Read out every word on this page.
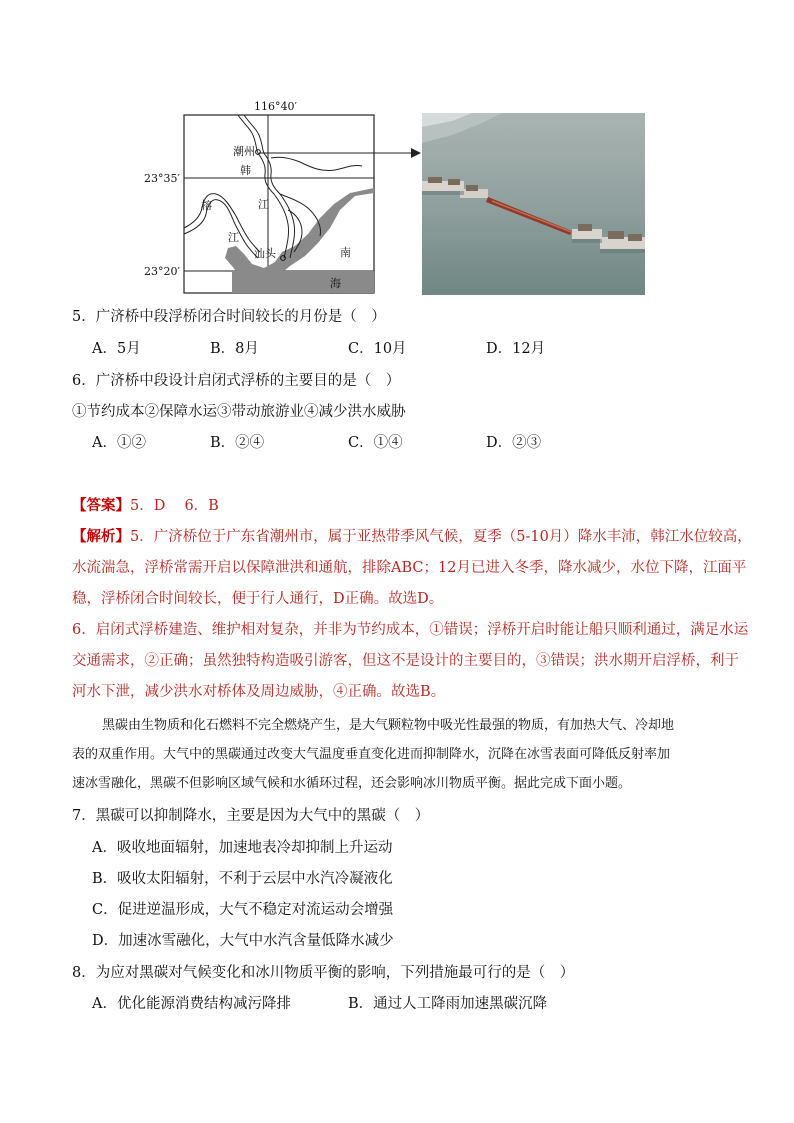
116°40′
23°35′
23°20′
潮州
韩
江
榕
江
汕头	南
海
5．广济桥中段浮桥闭合时间较长的月份是（　）
A．5月	B．8月	C．10月	D．12月
6．广济桥中段设计启闭式浮桥的主要目的是（　）
①节约成本②保障水运③带动旅游业④减少洪水威胁
A．①②	B．②④	C．①④	D．②③
【答案】5．D　 6．B
【解析】5．广济桥位于广东省潮州市，属于亚热带季风气候，夏季（5-10月）降水丰沛，韩江水位较高，
水流湍急，浮桥常需开启以保障泄洪和通航，排除ABC；12月已进入冬季，降水减少，水位下降，江面平
稳，浮桥闭合时间较长，便于行人通行，D正确。故选D。
6．启闭式浮桥建造、维护相对复杂，并非为节约成本，①错误；浮桥开启时能让船只顺利通过，满足水运
交通需求，②正确；虽然独特构造吸引游客，但这不是设计的主要目的，③错误；洪水期开启浮桥，利于
河水下泄，减少洪水对桥体及周边威胁，④正确。故选B。
黑碳由生物质和化石燃料不完全燃烧产生，是大气颗粒物中吸光性最强的物质，有加热大气、冷却地
表的双重作用。大气中的黑碳通过改变大气温度垂直变化进而抑制降水，沉降在冰雪表面可降低反射率加
速冰雪融化，黑碳不但影响区域气候和水循环过程，还会影响冰川物质平衡。据此完成下面小题。
7．黑碳可以抑制降水，主要是因为大气中的黑碳（　）
A．吸收地面辐射，加速地表冷却抑制上升运动
B．吸收太阳辐射，不利于云层中水汽冷凝液化
C．促进逆温形成，大气不稳定对流运动会增强
D．加速冰雪融化，大气中水汽含量低降水减少
8．为应对黑碳对气候变化和冰川物质平衡的影响，下列措施最可行的是（　）
A．优化能源消费结构减污降排	B．通过人工降雨加速黑碳沉降
